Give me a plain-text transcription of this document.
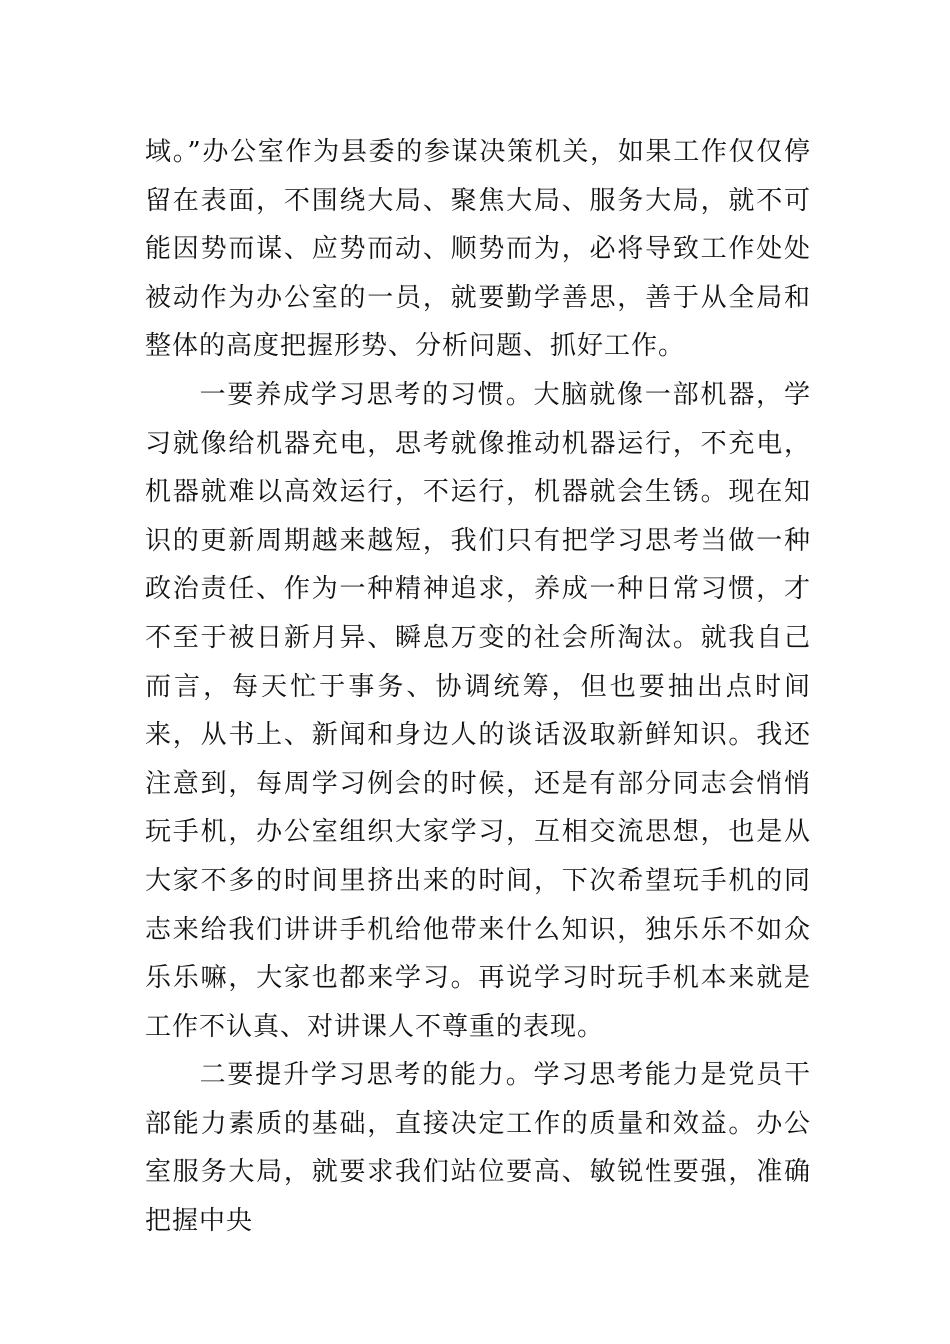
域。”办公室作为县委的参谋决策机关，如果工作仅仅停留在表面，不围绕大局、聚焦大局、服务大局，就不可能因势而谋、应势而动、顺势而为，必将导致工作处处被动作为办公室的一员，就要勤学善思，善于从全局和整体的高度把握形势、分析问题、抓好工作。

一要养成学习思考的习惯。大脑就像一部机器，学习就像给机器充电，思考就像推动机器运行，不充电，机器就难以高效运行，不运行，机器就会生锈。现在知识的更新周期越来越短，我们只有把学习思考当做一种政治责任、作为一种精神追求，养成一种日常习惯，才不至于被日新月异、瞬息万变的社会所淘汰。就我自己而言，每天忙于事务、协调统筹，但也要抽出点时间来，从书上、新闻和身边人的谈话汲取新鲜知识。我还注意到，每周学习例会的时候，还是有部分同志会悄悄玩手机，办公室组织大家学习，互相交流思想，也是从大家不多的时间里挤出来的时间，下次希望玩手机的同志来给我们讲讲手机给他带来什么知识，独乐乐不如众乐乐嘛，大家也都来学习。再说学习时玩手机本来就是工作不认真、对讲课人不尊重的表现。

二要提升学习思考的能力。学习思考能力是党员干部能力素质的基础，直接决定工作的质量和效益。办公室服务大局，就要求我们站位要高、敏锐性要强，准确把握中央
